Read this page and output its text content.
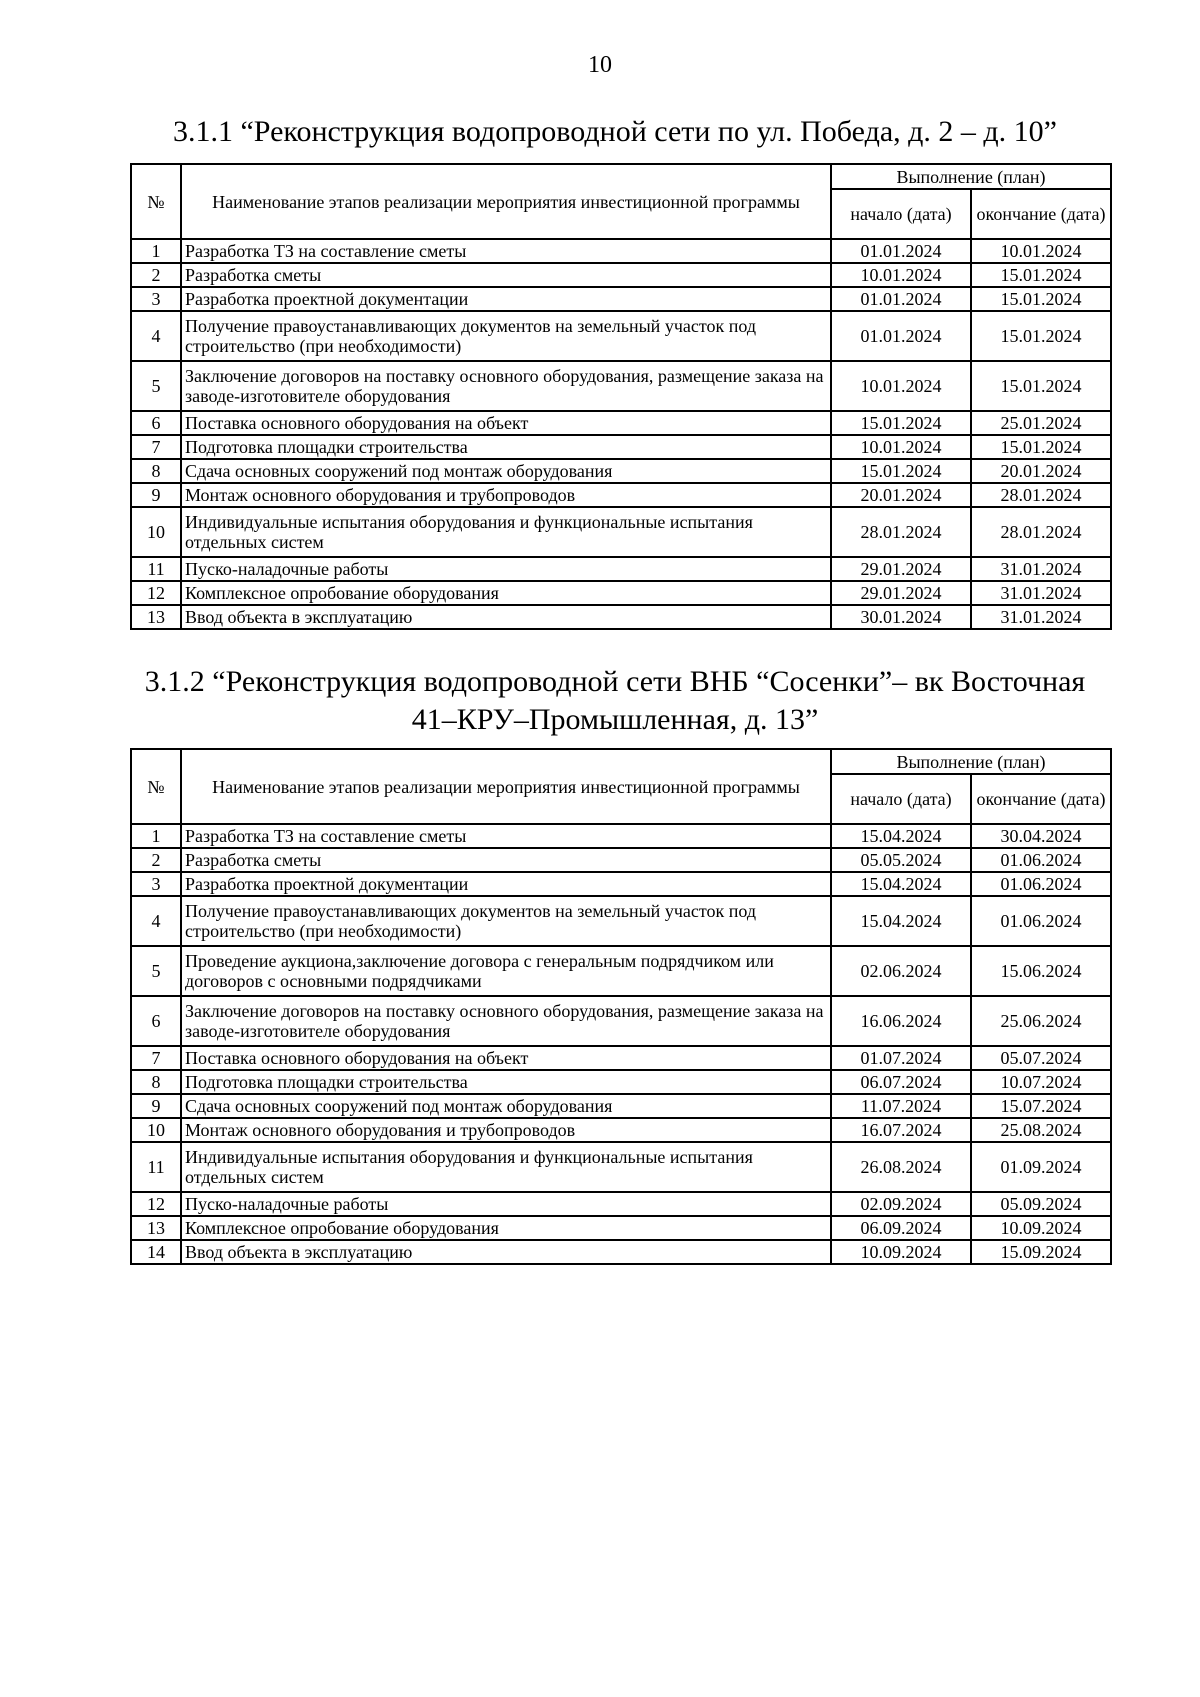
10
3.1.1 “Реконструкция водопроводной сети по ул. Победа, д. 2 – д. 10”
№	Наименование этапов реализации мероприятия инвестиционной программы	Выполнение (план)	
		начало (дата)	окончание (дата)
1	Разработка ТЗ на составление сметы	01.01.2024	10.01.2024
2	Разработка сметы	10.01.2024	15.01.2024
3	Разработка проектной документации	01.01.2024	15.01.2024
4	Получение правоустанавливающих документов на земельный участок под строительство (при необходимости)	01.01.2024	15.01.2024
5	Заключение договоров на поставку основного оборудования, размещение заказа на заводе-изготовителе оборудования	10.01.2024	15.01.2024
6	Поставка основного оборудования на объект	15.01.2024	25.01.2024
7	Подготовка площадки строительства	10.01.2024	15.01.2024
8	Сдача основных сооружений под монтаж оборудования	15.01.2024	20.01.2024
9	Монтаж основного оборудования и трубопроводов	20.01.2024	28.01.2024
10	Индивидуальные испытания оборудования и функциональные испытания отдельных систем	28.01.2024	28.01.2024
11	Пуско-наладочные работы	29.01.2024	31.01.2024
12	Комплексное опробование оборудования	29.01.2024	31.01.2024
13	Ввод объекта в эксплуатацию	30.01.2024	31.01.2024
3.1.2 “Реконструкция водопроводной сети ВНБ “Сосенки”– вк Восточная 41–КРУ–Промышленная, д. 13”
№	Наименование этапов реализации мероприятия инвестиционной программы	Выполнение (план)	
		начало (дата)	окончание (дата)
1	Разработка ТЗ на составление сметы	15.04.2024	30.04.2024
2	Разработка сметы	05.05.2024	01.06.2024
3	Разработка проектной документации	15.04.2024	01.06.2024
4	Получение правоустанавливающих документов на земельный участок под строительство (при необходимости)	15.04.2024	01.06.2024
5	Проведение аукциона,заключение договора с генеральным подрядчиком или договоров с основными подрядчиками	02.06.2024	15.06.2024
6	Заключение договоров на поставку основного оборудования, размещение заказа на заводе-изготовителе оборудования	16.06.2024	25.06.2024
7	Поставка основного оборудования на объект	01.07.2024	05.07.2024
8	Подготовка площадки строительства	06.07.2024	10.07.2024
9	Сдача основных сооружений под монтаж оборудования	11.07.2024	15.07.2024
10	Монтаж основного оборудования и трубопроводов	16.07.2024	25.08.2024
11	Индивидуальные испытания оборудования и функциональные испытания отдельных систем	26.08.2024	01.09.2024
12	Пуско-наладочные работы	02.09.2024	05.09.2024
13	Комплексное опробование оборудования	06.09.2024	10.09.2024
14	Ввод объекта в эксплуатацию	10.09.2024	15.09.2024
